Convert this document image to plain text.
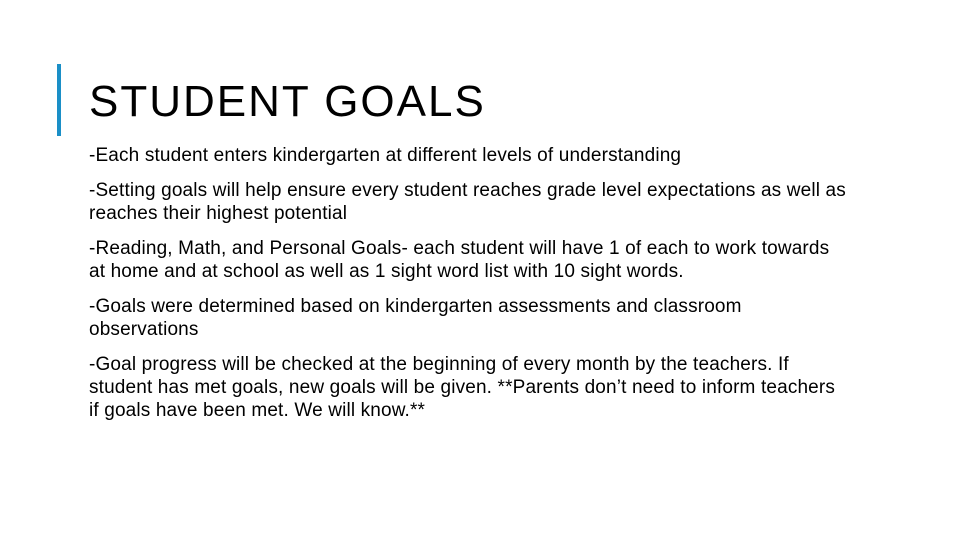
STUDENT GOALS

-Each student enters kindergarten at different levels of understanding

-Setting goals will help ensure every student reaches grade level expectations as well as reaches their highest potential

-Reading, Math, and Personal Goals- each student will have 1 of each to work towards at home and at school as well as 1 sight word list with 10 sight words.

-Goals were determined based on kindergarten assessments and classroom observations

-Goal progress will be checked at the beginning of every month by the teachers. If student has met goals, new goals will be given. **Parents don’t need to inform teachers if goals have been met. We will know.**
